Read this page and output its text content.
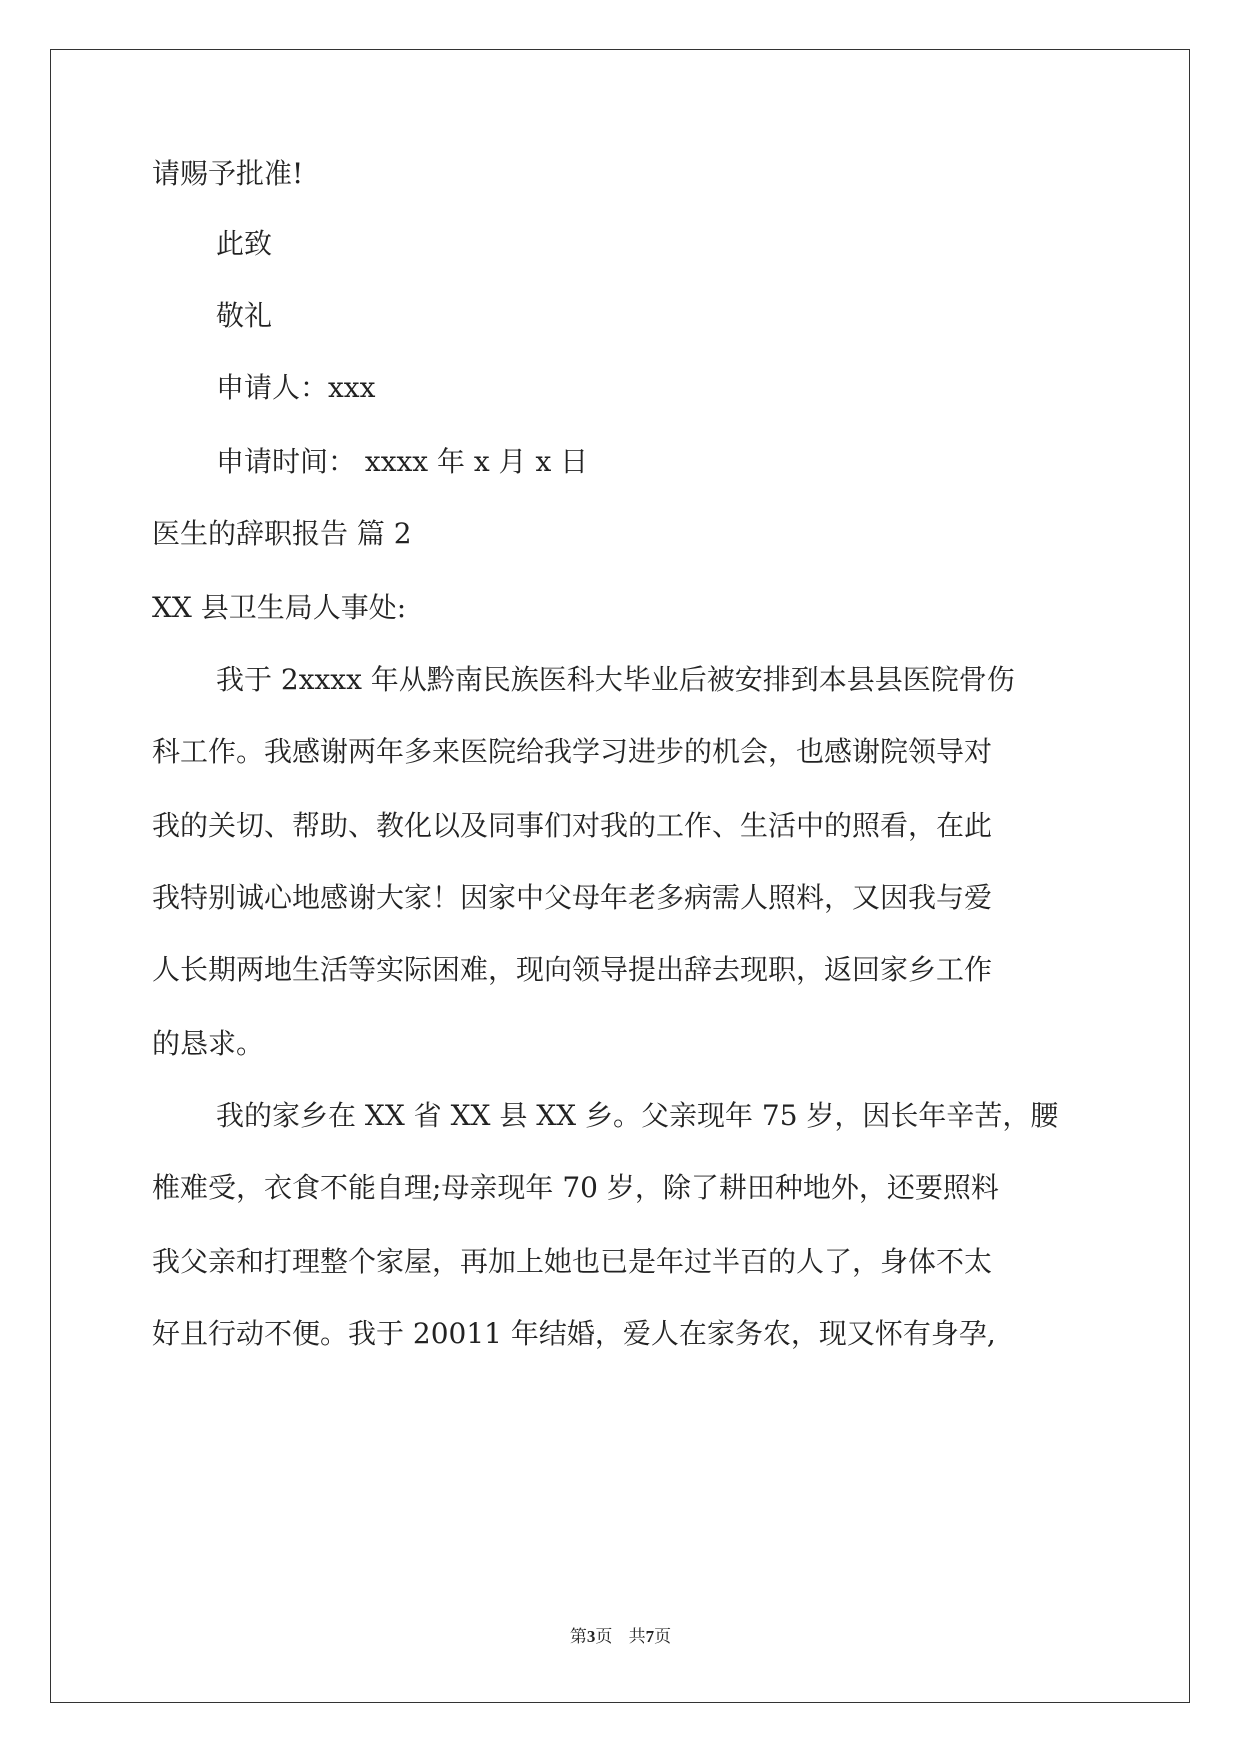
请赐予批准!
此致
敬礼
申请人：xxx
申请时间： xxxx 年 x 月 x 日
医生的辞职报告 篇 2
XX 县卫生局人事处:
我于 2xxxx 年从黔南民族医科大毕业后被安排到本县县医院骨伤
科工作。我感谢两年多来医院给我学习进步的机会，也感谢院领导对
我的关切、帮助、教化以及同事们对我的工作、生活中的照看，在此
我特别诚心地感谢大家！因家中父母年老多病需人照料，又因我与爱
人长期两地生活等实际困难，现向领导提出辞去现职，返回家乡工作
的恳求。
我的家乡在 XX 省 XX 县 XX 乡。父亲现年 75 岁，因长年辛苦，腰
椎难受，衣食不能自理;母亲现年 70 岁，除了耕田种地外，还要照料
我父亲和打理整个家屋，再加上她也已是年过半百的人了，身体不太
好且行动不便。我于 20011 年结婚，爱人在家务农，现又怀有身孕,
第3页   共7页
